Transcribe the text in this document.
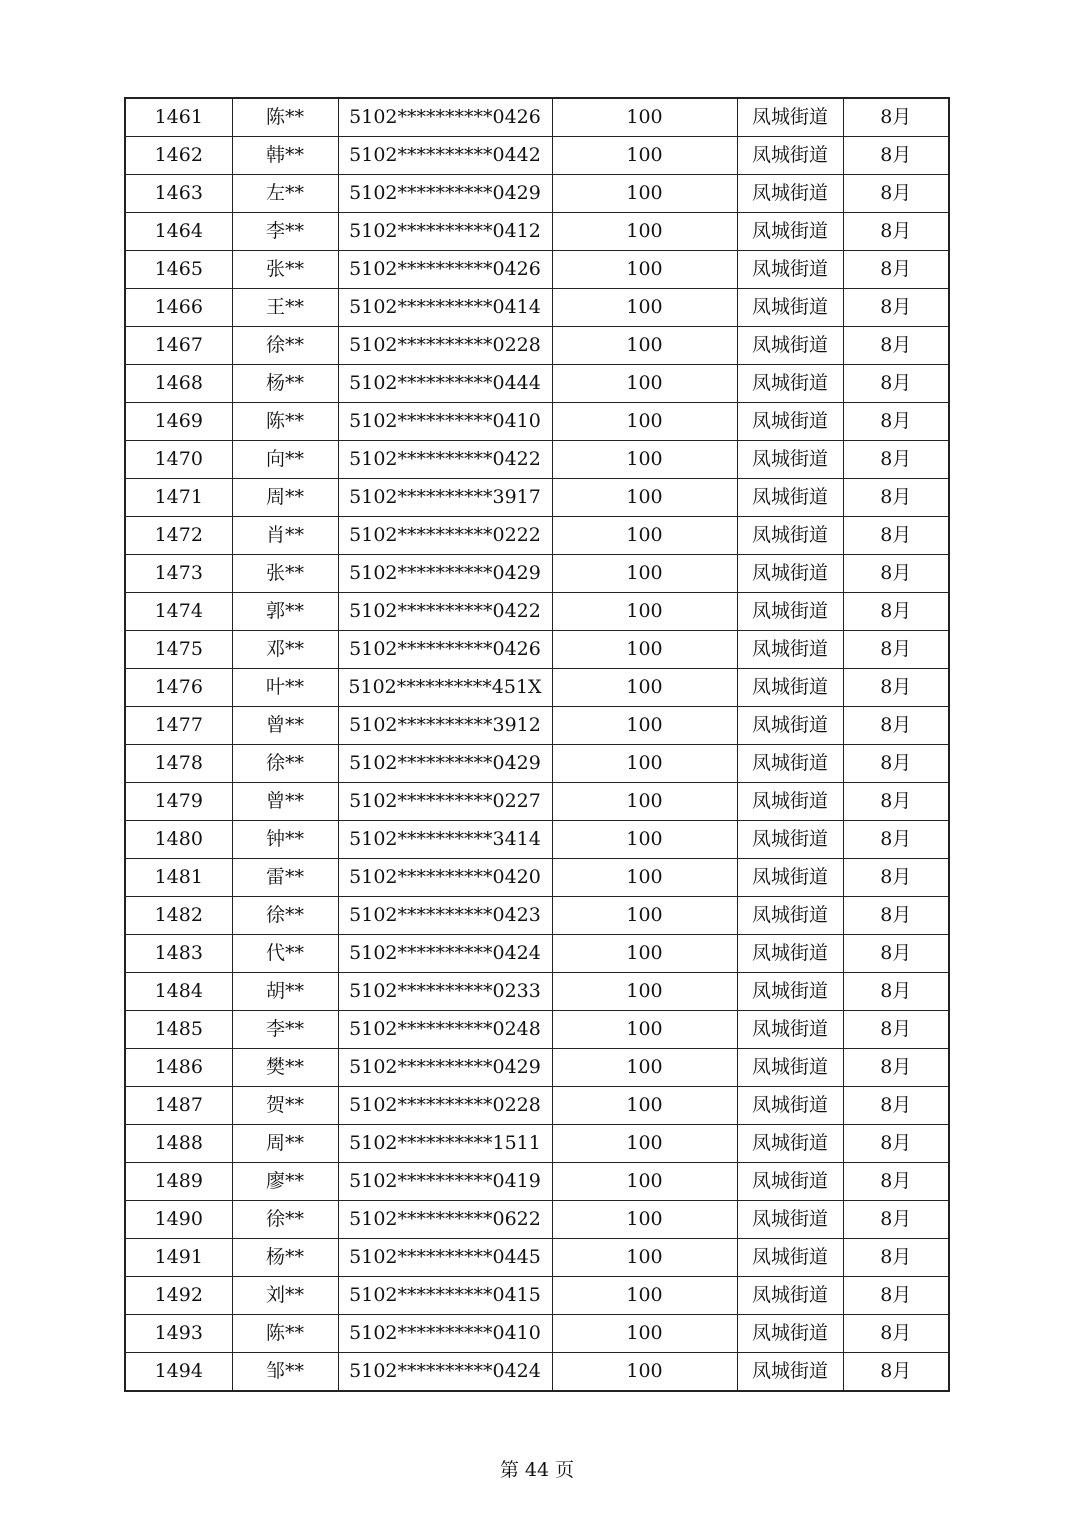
1461	陈**	5102**********0426	100	凤城街道	8月
1462	韩**	5102**********0442	100	凤城街道	8月
1463	左**	5102**********0429	100	凤城街道	8月
1464	李**	5102**********0412	100	凤城街道	8月
1465	张**	5102**********0426	100	凤城街道	8月
1466	王**	5102**********0414	100	凤城街道	8月
1467	徐**	5102**********0228	100	凤城街道	8月
1468	杨**	5102**********0444	100	凤城街道	8月
1469	陈**	5102**********0410	100	凤城街道	8月
1470	向**	5102**********0422	100	凤城街道	8月
1471	周**	5102**********3917	100	凤城街道	8月
1472	肖**	5102**********0222	100	凤城街道	8月
1473	张**	5102**********0429	100	凤城街道	8月
1474	郭**	5102**********0422	100	凤城街道	8月
1475	邓**	5102**********0426	100	凤城街道	8月
1476	叶**	5102**********451X	100	凤城街道	8月
1477	曾**	5102**********3912	100	凤城街道	8月
1478	徐**	5102**********0429	100	凤城街道	8月
1479	曾**	5102**********0227	100	凤城街道	8月
1480	钟**	5102**********3414	100	凤城街道	8月
1481	雷**	5102**********0420	100	凤城街道	8月
1482	徐**	5102**********0423	100	凤城街道	8月
1483	代**	5102**********0424	100	凤城街道	8月
1484	胡**	5102**********0233	100	凤城街道	8月
1485	李**	5102**********0248	100	凤城街道	8月
1486	樊**	5102**********0429	100	凤城街道	8月
1487	贺**	5102**********0228	100	凤城街道	8月
1488	周**	5102**********1511	100	凤城街道	8月
1489	廖**	5102**********0419	100	凤城街道	8月
1490	徐**	5102**********0622	100	凤城街道	8月
1491	杨**	5102**********0445	100	凤城街道	8月
1492	刘**	5102**********0415	100	凤城街道	8月
1493	陈**	5102**********0410	100	凤城街道	8月
1494	邹**	5102**********0424	100	凤城街道	8月
第 44 页
